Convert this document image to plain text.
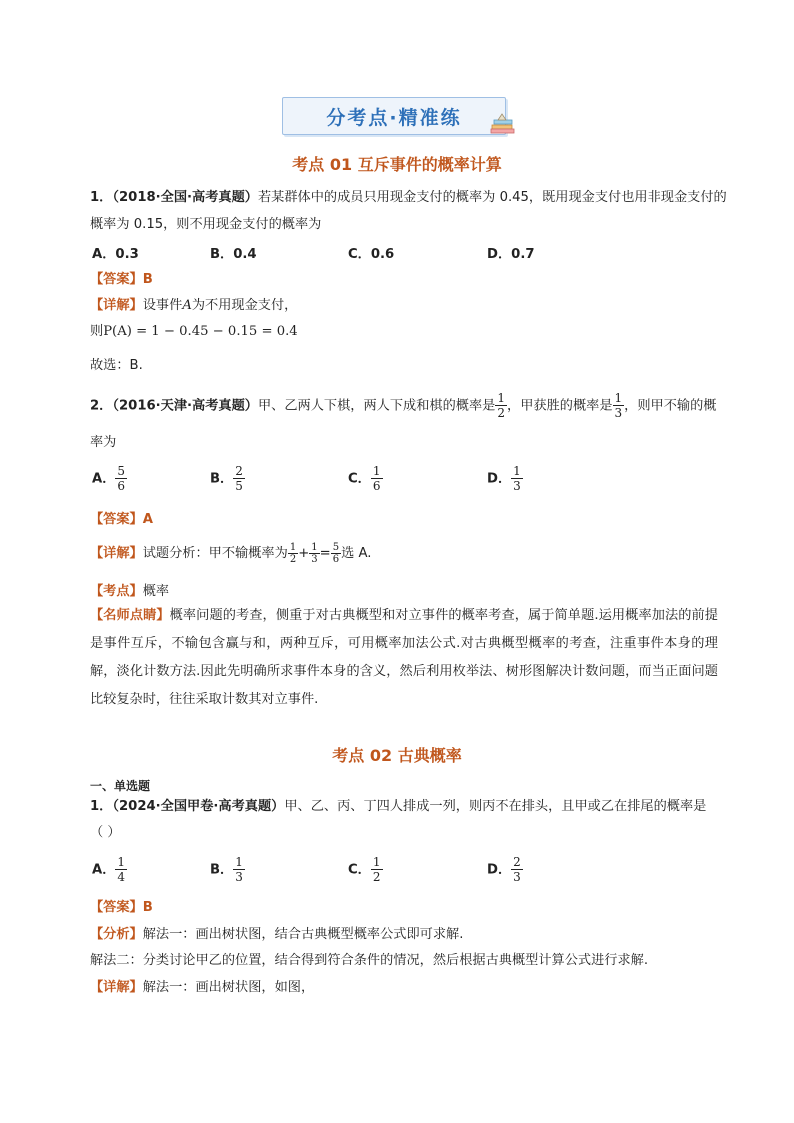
分考点·精准练
考点 01 互斥事件的概率计算
1．（2018·全国·高考真题）若某群体中的成员只用现金支付的概率为 0.45，既用现金支付也用非现金支付的
概率为 0.15，则不用现金支付的概率为
A．0.3	B．0.4	C．0.6	D．0.7
【答案】B
【详解】设事件A为不用现金支付，
则P(A) = 1 − 0.45 − 0.15 = 0.4
故选：B.
2．（2016·天津·高考真题）甲、乙两人下棋，两人下成和棋的概率是 $\frac{1}{2}$ ，甲获胜的概率是 $\frac{1}{3}$ ，则甲不输的概
率为
A． $\frac{5}{6}$	B． $\frac{2}{5}$	C． $\frac{1}{6}$	D． $\frac{1}{3}$
【答案】A
【详解】试题分析：甲不输概率为 $\frac{1}{2} + \frac{1}{3} = \frac{5}{6}$ 选 A.
【考点】概率
【名师点睛】概率问题的考查，侧重于对古典概型和对立事件的概率考查，属于简单题.运用概率加法的前提是事件互斥，不输包含赢与和，两种互斥，可用概率加法公式.对古典概型概率的考查，注重事件本身的理解，淡化计数方法.因此先明确所求事件本身的含义，然后利用枚举法、树形图解决计数问题，而当正面问题比较复杂时，往往采取计数其对立事件.
考点 02 古典概率
一、单选题
1．（2024·全国甲卷·高考真题）甲、乙、丙、丁四人排成一列，则丙不在排头，且甲或乙在排尾的概率是
（ ）
A． $\frac{1}{4}$	B． $\frac{1}{3}$	C． $\frac{1}{2}$	D． $\frac{2}{3}$
【答案】B
【分析】解法一：画出树状图，结合古典概型概率公式即可求解.
解法二：分类讨论甲乙的位置，结合得到符合条件的情况，然后根据古典概型计算公式进行求解.
【详解】解法一：画出树状图，如图，
